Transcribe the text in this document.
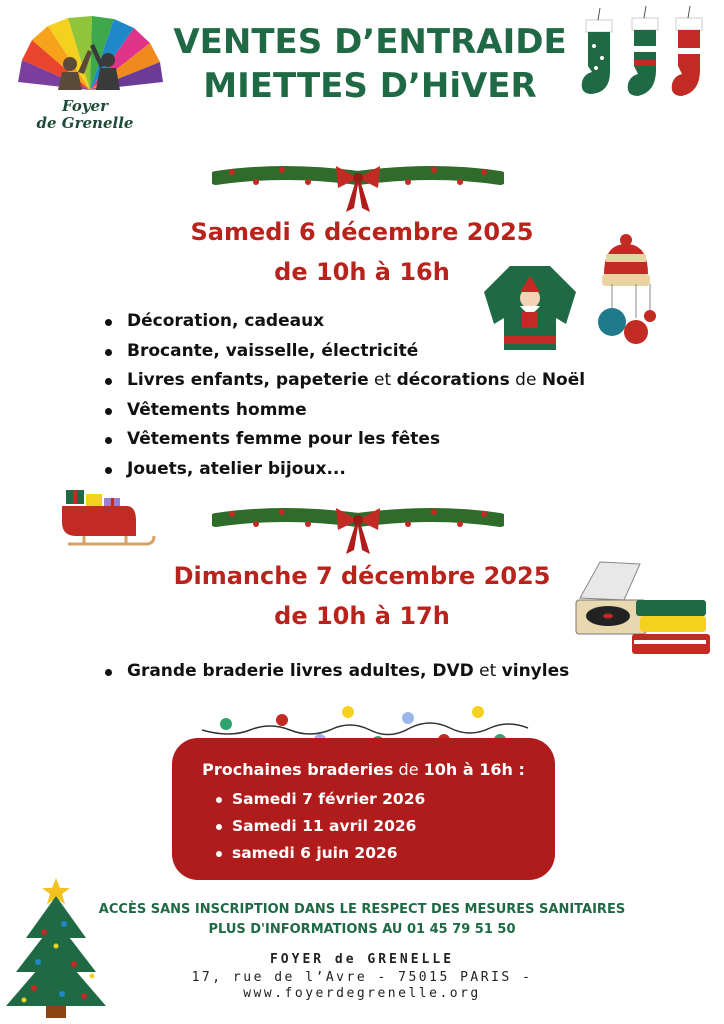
Foyer
de Grenelle
VENTES D’ENTRAIDE
MIETTES D’HiVER
Samedi 6 décembre 2025
de 10h à 16h
Décoration, cadeaux
Brocante, vaisselle, électricité
Livres enfants, papeterie et décorations de Noël
Vêtements homme
Vêtements femme pour les fêtes
Jouets, atelier bijoux...
Dimanche 7 décembre 2025
de 10h à 17h
Grande braderie livres adultes, DVD et vinyles
Prochaines braderies de 10h à 16h :
Samedi 7 février 2026
Samedi 11 avril 2026
samedi 6 juin 2026
ACCÈS SANS INSCRIPTION DANS LE RESPECT DES MESURES SANITAIRES
PLUS D'INFORMATIONS AU 01 45 79 51 50
FOYER de GRENELLE
17, rue de l’Avre - 75015 PARIS -
www.foyerdegrenelle.org
